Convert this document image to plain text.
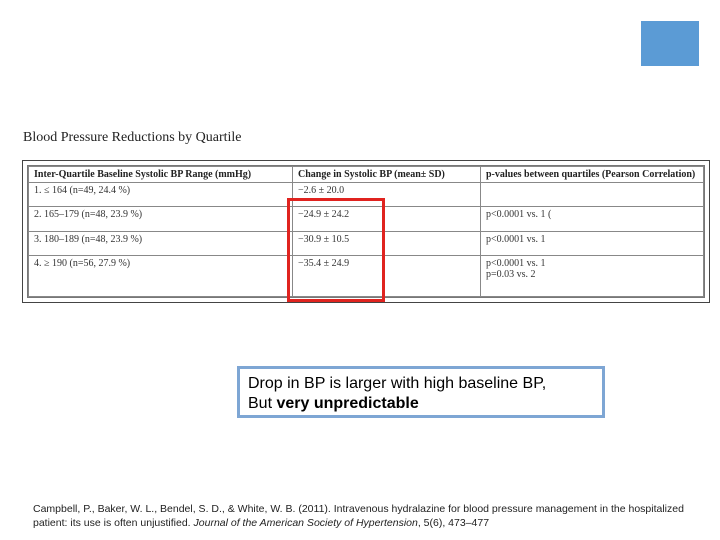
Blood Pressure Reductions by Quartile
Inter-Quartile Baseline Systolic BP Range (mmHg)	Change in Systolic BP (mean± SD)	p-values between quartiles (Pearson Correlation)
1. ≤ 164 (n=49, 24.4 %)	−2.6 ± 20.0	

2. 165–179 (n=48, 23.9 %)	−24.9 ± 24.2	p<0.0001 vs. 1 (

3. 180–189 (n=48, 23.9 %)	−30.9 ± 10.5	p<0.0001 vs. 1

4. ≥ 190 (n=56, 27.9 %)	−35.4 ± 24.9	p<0.0001 vs. 1
p=0.03 vs. 2
Drop in BP is larger with high baseline BP,
But very unpredictable
Campbell, P., Baker, W. L., Bendel, S. D., & White, W. B. (2011). Intravenous hydralazine for blood pressure management in the hospitalized patient: its use is often unjustified. Journal of the American Society of Hypertension, 5(6), 473–477
